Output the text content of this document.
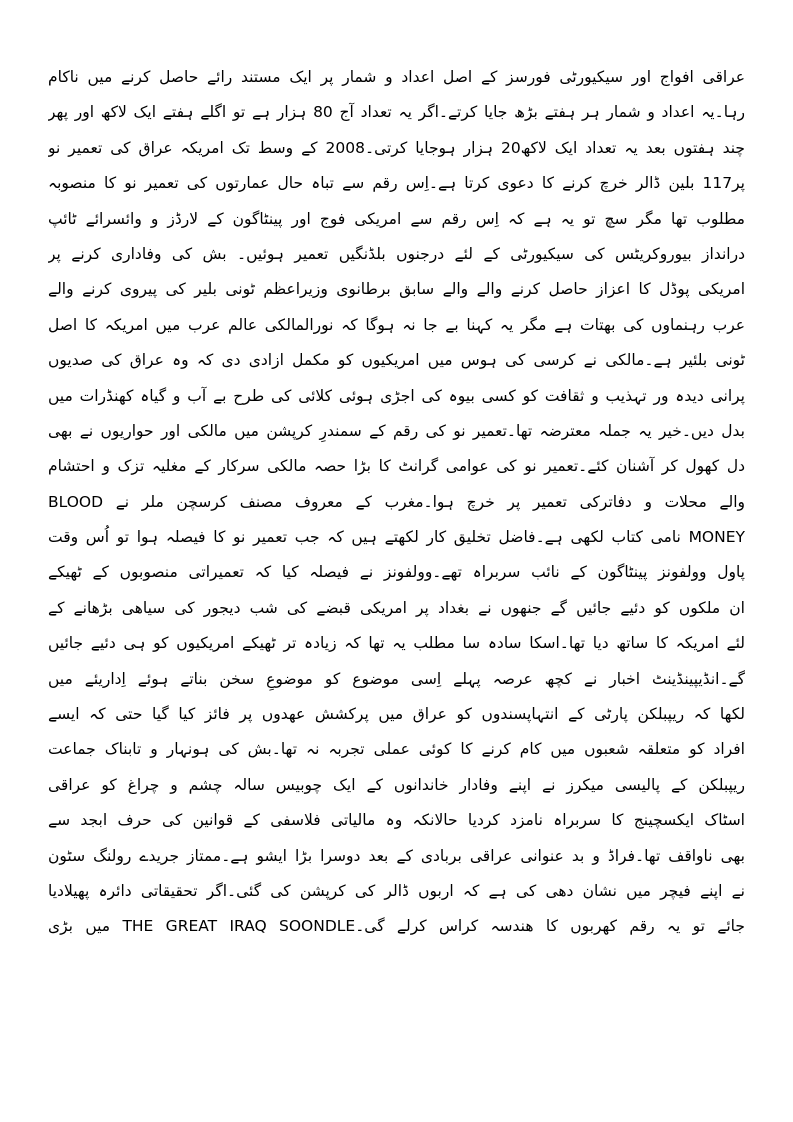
عراقی افواج اور سیکیورٹی فورسز کے اصل اعداد و شمار پر ایک مستند رائے حاصل کرنے میں ناکام
رہا۔یہ اعداد و شمار ہر ہفتے بڑھ جایا کرتے۔اگر یہ تعداد آج 80 ہزار ہے تو اگلے ہفتے ایک لاکھ اور پھر
چند ہفتوں بعد یہ تعداد ایک لاکھ20 ہزار ہوجایا کرتی۔2008 کے وسط تک امریکہ عراق کی تعمیر نو
پر117 بلین ڈالر خرچ کرنے کا دعوی کرتا ہے۔اِس رقم سے تباہ حال عمارتوں کی تعمیر نو کا منصوبہ
مطلوب تھا مگر سچ تو یہ ہے کہ اِس رقم سے امریکی فوج اور پینٹاگون کے لارڈز و وائسرائے ٹائپ
درانداز بیوروکریٹس کی سیکیورٹی کے لئے درجنوں بلڈنگیں تعمیر ہوئیں۔ بش کی وفاداری کرنے پر
امریکی پوڈل کا اعزاز حاصل کرنے والے والے سابق برطانوی وزیراعظم ٹونی بلیر کی پیروی کرنے والے
عرب رہنماوں کی بھتات ہے مگر یہ کہنا بے جا نہ ہوگا کہ نورالمالکی عالم عرب میں امریکہ کا اصل
ٹونی بلئیر ہے۔مالکی نے کرسی کی ہوس میں امریکیوں کو مکمل ازادی دی کہ وہ عراق کی صدیوں
پرانی دیدہ ور تہذیب و ثقافت کو کسی بیوہ کی اجڑی ہوئی کلائی کی طرح بے آب و گیاہ کھنڈرات میں
بدل دیں۔خیر یہ جملہ معترضہ تھا۔تعمیر نو کی رقم کے سمندرِ کرپشن میں مالکی اور حواریوں نے بھی
دل کھول کر آشنان کئے۔تعمیر نو کی عوامی گرانٹ کا بڑا حصہ مالکی سرکار کے مغلیہ تزک و احتشام
والے محلات و دفاترکی تعمیر پر خرچ ہوا۔مغرب کے معروف مصنف کرسچن ملر نے BLOOD
MONEY نامی کتاب لکھی ہے۔فاضل تخلیق کار لکھتے ہیں کہ جب تعمیر نو کا فیصلہ ہوا تو اُس وقت
پاول وولفونز پینٹاگون کے نائب سربراہ تھے۔وولفونز نے فیصلہ کیا کہ تعمیراتی منصوبوں کے ٹھیکے
ان ملکوں کو دئیے جائیں گے جنھوں نے بغداد پر امریکی قبضے کی شب دیجور کی سیاھی بڑھانے کے
لئے امریکہ کا ساتھ دیا تھا۔اسکا سادہ سا مطلب یہ تھا کہ زیادہ تر ٹھیکے امریکیوں کو ہی دئیے جائیں
گے۔انڈیپینڈینٹ اخبار نے کچھ عرصہ پہلے اِسی موضوع کو موضوعِ سخن بناتے ہوئے اِداریئے میں
لکھا کہ ریپبلکن پارٹی کے انتہاپسندوں کو عراق میں پرکشش عھدوں پر فائز کیا گیا حتی کہ ایسے
افراد کو متعلقہ شعبوں میں کام کرنے کا کوئی عملی تجربہ نہ تھا۔بش کی ہونہار و تابناک جماعت
ریپبلکن کے پالیسی میکرز نے اپنے وفادار خاندانوں کے ایک چوبیس سالہ چشم و چراغ کو عراقی
اسٹاک ایکسچینج کا سربراہ نامزد کردیا حالانکہ وہ مالیاتی فلاسفی کے قوانین کی حرف ابجد سے
بھی ناواقف تھا۔فراڈ و بد عنوانی عراقی بربادی کے بعد دوسرا بڑا ایشو ہے۔ممتاز جریدے رولنگ سٹون
نے اپنے فیچر میں نشان دھی کی ہے کہ اربوں ڈالر کی کرپشن کی گئی۔اگر تحقیقاتی دائرہ پھیلادیا
جائے تو یہ رقم کھربوں کا ھندسہ کراس کرلے گی۔THE GREAT IRAQ SOONDLE میں بڑی
